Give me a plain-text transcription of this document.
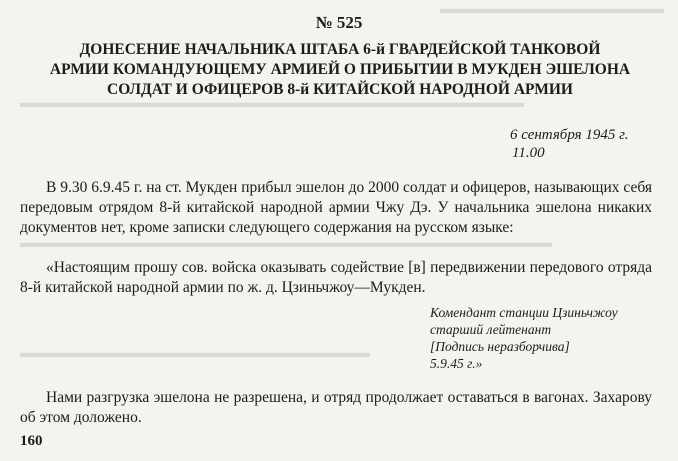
▬▬▬▬▬▬▬▬▬▬▬▬▬▬▬▬
▬▬▬▬▬▬▬▬▬▬▬▬▬▬▬▬▬▬▬▬▬▬▬▬▬▬▬▬▬▬▬▬▬▬▬▬
▬▬▬▬▬▬▬▬▬▬▬▬▬▬▬▬▬▬▬▬▬▬▬▬▬▬▬▬▬▬▬▬▬▬▬▬▬▬
▬▬▬▬▬▬▬▬▬▬▬▬▬▬▬▬▬▬▬▬▬▬▬▬▬
№ 525
ДОНЕСЕНИЕ НАЧАЛЬНИКА ШТАБА 6-й ГВАРДЕЙСКОЙ ТАНКОВОЙ
АРМИИ КОМАНДУЮЩЕМУ АРМИЕЙ О ПРИБЫТИИ В МУКДЕН ЭШЕЛОНА
СОЛДАТ И ОФИЦЕРОВ 8-й КИТАЙСКОЙ НАРОДНОЙ АРМИИ
6 сентября 1945 г.
11.00

В 9.30 6.9.45 г. на ст. Мукден прибыл эшелон до 2000 солдат и офицеров, называющих себя передовым отрядом 8-й китайской народной армии Чжу Дэ. У начальника эшелона никаких документов нет, кроме записки следующего содержания на русском языке:

«Настоящим прошу сов. войска оказывать содействие [в] передвижении передового отряда 8-й китайской народной армии по ж. д. Цзиньчжоу—Мукден.

Комендант станции Цзиньчжоу
старший лейтенант
[Подпись неразборчива]
5.9.45 г.»

Нами разгрузка эшелона не разрешена, и отряд продолжает оставаться в вагонах. Захарову об этом доложено.

160
